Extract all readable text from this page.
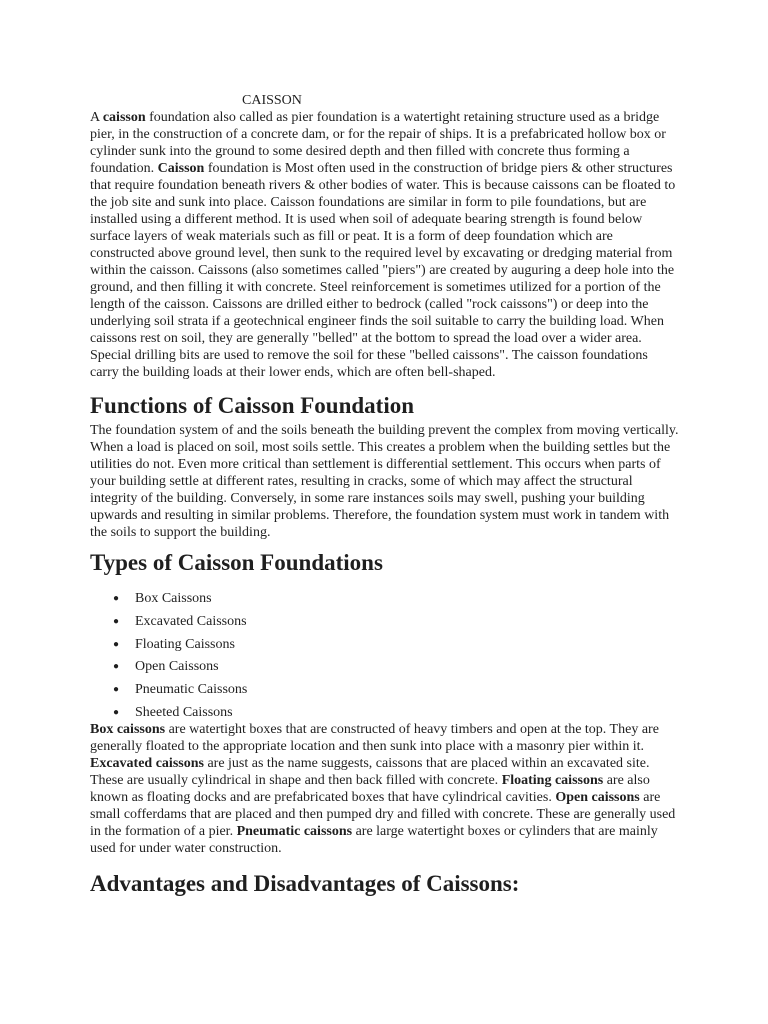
CAISSON

A caisson foundation also called as pier foundation is a watertight retaining structure used as a bridge pier, in the construction of a concrete dam, or for the repair of ships. It is a prefabricated hollow box or cylinder sunk into the ground to some desired depth and then filled with concrete thus forming a foundation. Caisson foundation is Most often used in the construction of bridge piers & other structures that require foundation beneath rivers & other bodies of water. This is because caissons can be floated to the job site and sunk into place. Caisson foundations are similar in form to pile foundations, but are installed using a different method. It is used when soil of adequate bearing strength is found below surface layers of weak materials such as fill or peat. It is a form of deep foundation which are constructed above ground level, then sunk to the required level by excavating or dredging material from within the caisson. Caissons (also sometimes called "piers") are created by auguring a deep hole into the ground, and then filling it with concrete. Steel reinforcement is sometimes utilized for a portion of the length of the caisson. Caissons are drilled either to bedrock (called "rock caissons") or deep into the underlying soil strata if a geotechnical engineer finds the soil suitable to carry the building load. When caissons rest on soil, they are generally "belled" at the bottom to spread the load over a wider area. Special drilling bits are used to remove the soil for these "belled caissons". The caisson foundations carry the building loads at their lower ends, which are often bell-shaped.

Functions of Caisson Foundation

The foundation system of and the soils beneath the building prevent the complex from moving vertically. When a load is placed on soil, most soils settle. This creates a problem when the building settles but the utilities do not. Even more critical than settlement is differential settlement. This occurs when parts of your building settle at different rates, resulting in cracks, some of which may affect the structural integrity of the building. Conversely, in some rare instances soils may swell, pushing your building upwards and resulting in similar problems. Therefore, the foundation system must work in tandem with the soils to support the building.

Types of Caisson Foundations
● Box Caissons
● Excavated Caissons
● Floating Caissons
● Open Caissons
● Pneumatic Caissons
● Sheeted Caissons

Box caissons are watertight boxes that are constructed of heavy timbers and open at the top. They are generally floated to the appropriate location and then sunk into place with a masonry pier within it. Excavated caissons are just as the name suggests, caissons that are placed within an excavated site. These are usually cylindrical in shape and then back filled with concrete. Floating caissons are also known as floating docks and are prefabricated boxes that have cylindrical cavities. Open caissons are small cofferdams that are placed and then pumped dry and filled with concrete. These are generally used in the formation of a pier. Pneumatic caissons are large watertight boxes or cylinders that are mainly used for under water construction.

Advantages and Disadvantages of Caissons:
